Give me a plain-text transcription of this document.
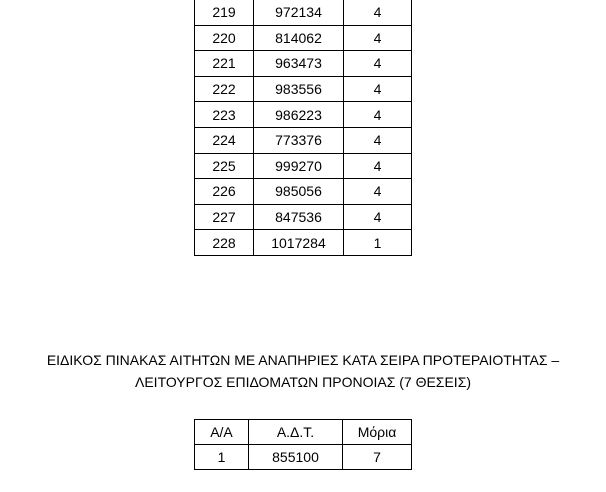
219	972134	4
220	814062	4
221	963473	4
222	983556	4
223	986223	4
224	773376	4
225	999270	4
226	985056	4
227	847536	4
228	1017284	1
ΕΙΔΙΚΟΣ ΠΙΝΑΚΑΣ ΑΙΤΗΤΩΝ ΜΕ ΑΝΑΠΗΡΙΕΣ ΚΑΤΑ ΣΕΙΡΑ ΠΡΟΤΕΡΑΙΟΤΗΤΑΣ –
ΛΕΙΤΟΥΡΓΟΣ ΕΠΙΔΟΜΑΤΩΝ ΠΡΟΝΟΙΑΣ (7 ΘΕΣΕΙΣ)
Α/Α	Α.Δ.Τ.	Μόρια
1	855100	7
